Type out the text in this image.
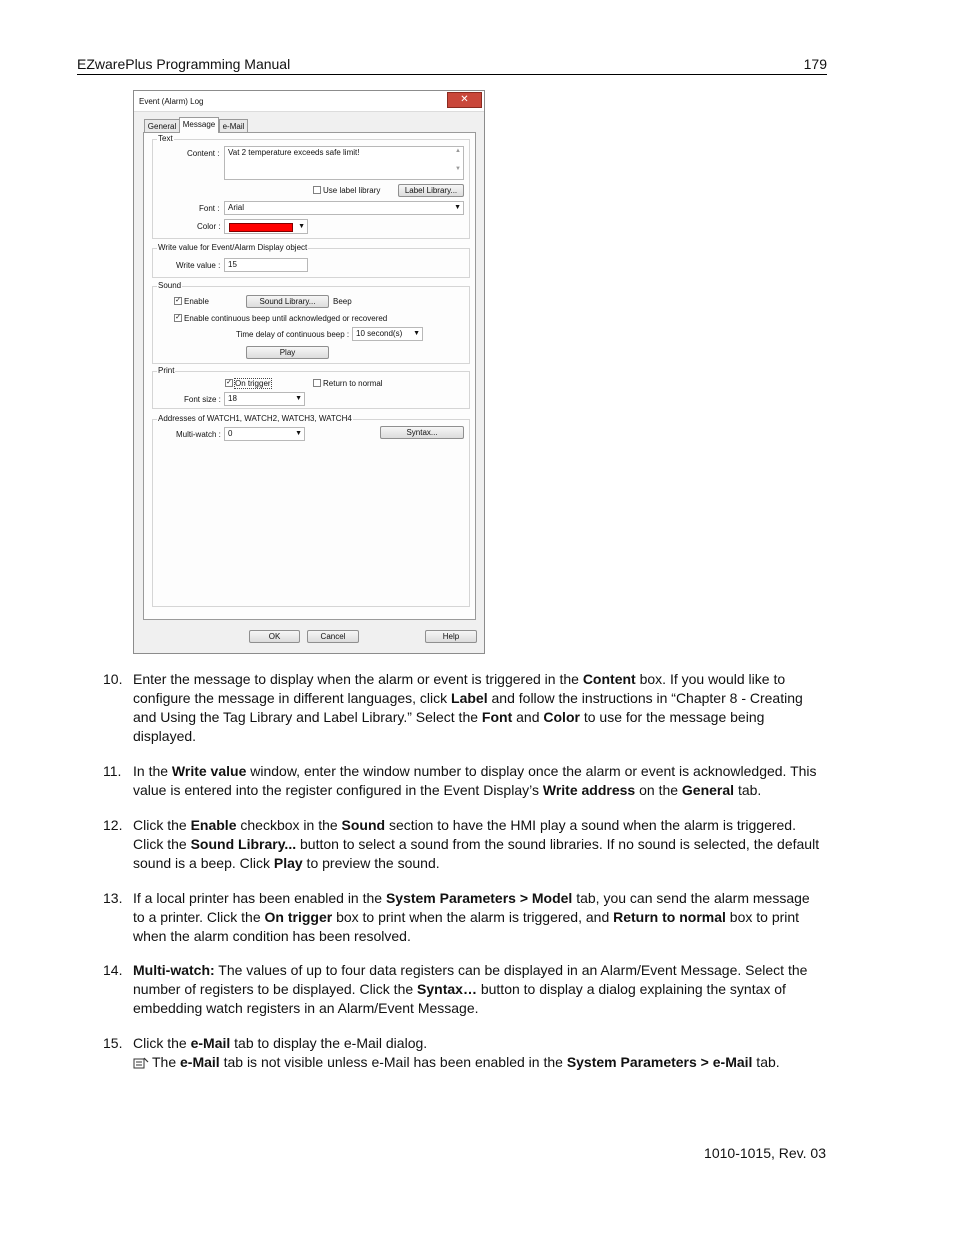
EZwarePlus Programming Manual	179
Event (Alarm) Log	✕
General Message e-Mail
Text
Content :	Vat 2 temperature exceeds safe limit!	▲

▼
Use label library	Label Library...
Font :	Arial	▼
Color :	▼
Write value for Event/Alarm Display object
Write value : 15
Sound
✓ Enable	Sound Library...	Beep
✓ Enable continuous beep until acknowledged or recovered
Time delay of continuous beep : 10 second(s) ▼
Play
Print
✓ On trigger	Return to normal
Font size : 18	▼
Addresses of WATCH1, WATCH2, WATCH3, WATCH4
Multi-watch : 0	▼	Syntax...
OK	Cancel	Help
10. Enter the message to display when the alarm or event is triggered in the Content box. If you would like to configure the message in different languages, click Label and follow the instructions in “Chapter 8 - Creating and Using the Tag Library and Label Library.” Select the Font and Color to use for the message being displayed.
11. In the Write value window, enter the window number to display once the alarm or event is acknowledged. This value is entered into the register configured in the Event Display’s Write address on the General tab.
12. Click the Enable checkbox in the Sound section to have the HMI play a sound when the alarm is triggered. Click the Sound Library... button to select a sound from the sound libraries. If no sound is selected, the default sound is a beep. Click Play to preview the sound.
13. If a local printer has been enabled in the System Parameters > Model tab, you can send the alarm message to a printer. Click the On trigger box to print when the alarm is triggered, and Return to normal box to print when the alarm condition has been resolved.
14. Multi-watch: The values of up to four data registers can be displayed in an Alarm/Event Message. Select the number of registers to be displayed. Click the Syntax… button to display a dialog explaining the syntax of embedding watch registers in an Alarm/Event Message.
15. Click the e-Mail tab to display the e-Mail dialog.
The e-Mail tab is not visible unless e-Mail has been enabled in the System Parameters > e-Mail tab.
1010-1015, Rev. 03
